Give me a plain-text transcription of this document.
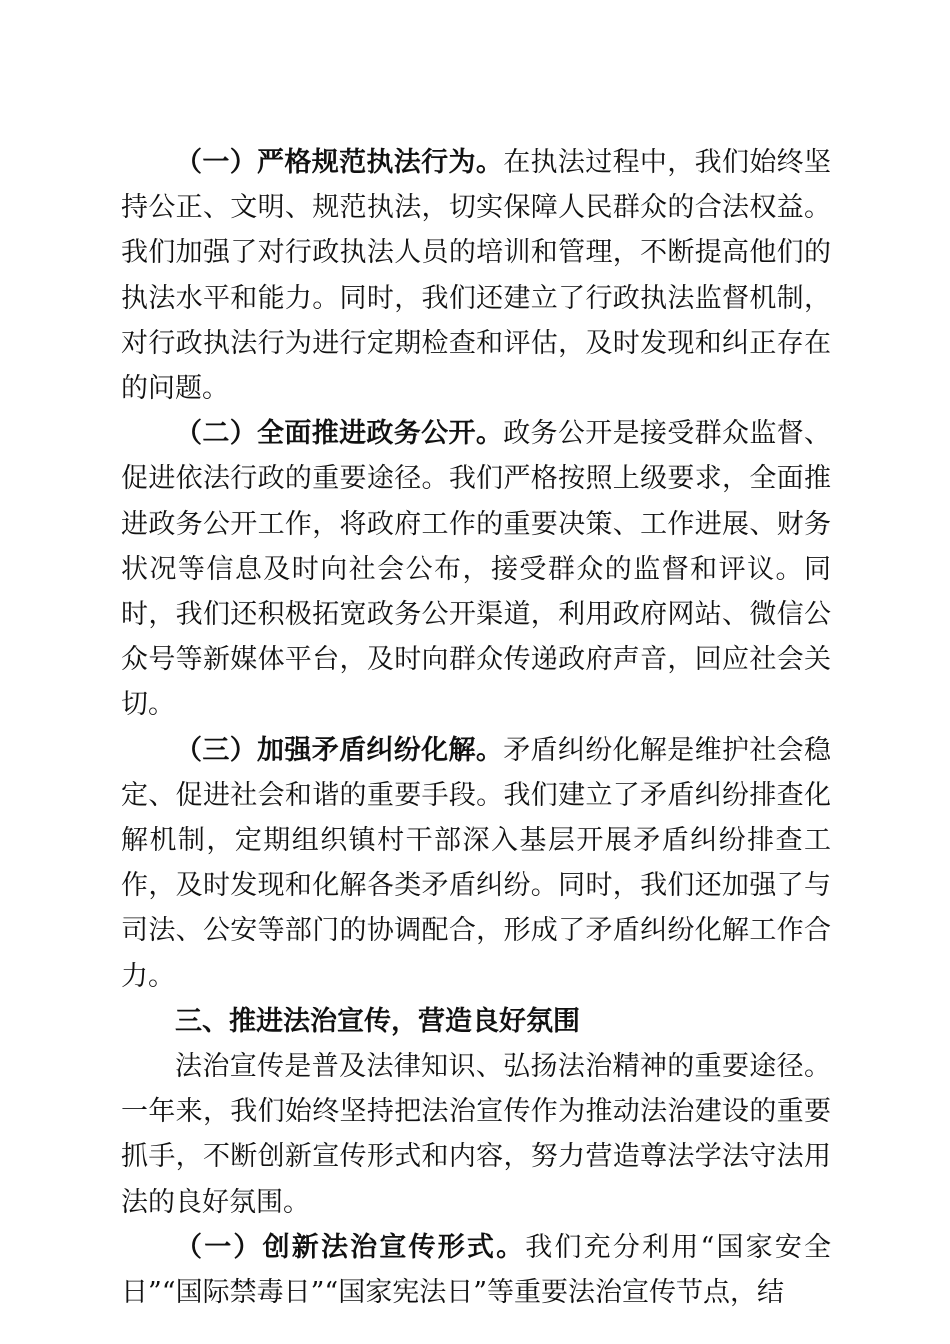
（一）严格规范执法行为。在执法过程中，我们始终坚持公正、文明、规范执法，切实保障人民群众的合法权益。我们加强了对行政执法人员的培训和管理，不断提高他们的执法水平和能力。同时，我们还建立了行政执法监督机制，对行政执法行为进行定期检查和评估，及时发现和纠正存在的问题。

（二）全面推进政务公开。政务公开是接受群众监督、促进依法行政的重要途径。我们严格按照上级要求，全面推进政务公开工作，将政府工作的重要决策、工作进展、财务状况等信息及时向社会公布，接受群众的监督和评议。同时，我们还积极拓宽政务公开渠道，利用政府网站、微信公众号等新媒体平台，及时向群众传递政府声音，回应社会关切。

（三）加强矛盾纠纷化解。矛盾纠纷化解是维护社会稳定、促进社会和谐的重要手段。我们建立了矛盾纠纷排查化解机制，定期组织镇村干部深入基层开展矛盾纠纷排查工作，及时发现和化解各类矛盾纠纷。同时，我们还加强了与司法、公安等部门的协调配合，形成了矛盾纠纷化解工作合力。

三、推进法治宣传，营造良好氛围

法治宣传是普及法律知识、弘扬法治精神的重要途径。一年来，我们始终坚持把法治宣传作为推动法治建设的重要抓手，不断创新宣传形式和内容，努力营造尊法学法守法用法的良好氛围。

（一）创新法治宣传形式。我们充分利用“国家安全日”“国际禁毒日”“国家宪法日”等重要法治宣传节点，结
